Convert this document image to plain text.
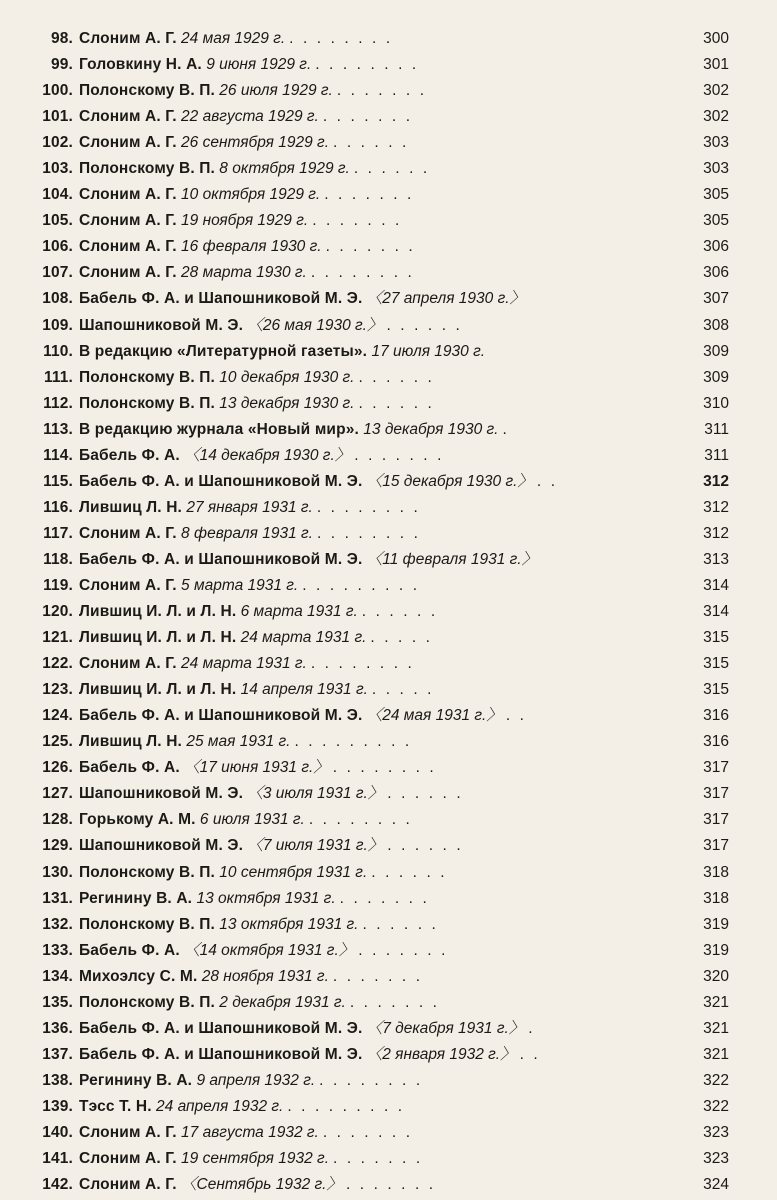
98. Слоним А. Г. 24 мая 1929 г. ........	300
99. Головкину Н. А. 9 июня 1929 г. ........	301
100. Полонскому В. П. 26 июля 1929 г. .......	302
101. Слоним А. Г. 22 августа 1929 г. .......	302
102. Слоним А. Г. 26 сентября 1929 г. ......	303
103. Полонскому В. П. 8 октября 1929 г. ......	303
104. Слоним А. Г. 10 октября 1929 г. .......	305
105. Слоним А. Г. 19 ноября 1929 г. .......	305
106. Слоним А. Г. 16 февраля 1930 г. .......	306
107. Слоним А. Г. 28 марта 1930 г. ........	306
108. Бабель Ф. А. и Шапошниковой М. Э. 〈27 апреля 1930 г.〉	307
109. Шапошниковой М. Э. 〈26 мая 1930 г.〉 ......	308
110. В редакцию «Литературной газеты». 17 июля 1930 г.	309
111. Полонскому В. П. 10 декабря 1930 г. ......	309
112. Полонскому В. П. 13 декабря 1930 г. ......	310
113. В редакцию журнала «Новый мир». 13 декабря 1930 г. .	311
114. Бабель Ф. А. 〈14 декабря 1930 г.〉 .......	311
115. Бабель Ф. А. и Шапошниковой М. Э. 〈15 декабря 1930 г.〉 ..	312
116. Лившиц Л. Н. 27 января 1931 г. ........	312
117. Слоним А. Г. 8 февраля 1931 г. ........	312
118. Бабель Ф. А. и Шапошниковой М. Э. 〈11 февраля 1931 г.〉	313
119. Слоним А. Г. 5 марта 1931 г. .........	314
120. Лившиц И. Л. и Л. Н. 6 марта 1931 г. ......	314
121. Лившиц И. Л. и Л. Н. 24 марта 1931 г. .....	315
122. Слоним А. Г. 24 марта 1931 г. ........	315
123. Лившиц И. Л. и Л. Н. 14 апреля 1931 г. .....	315
124. Бабель Ф. А. и Шапошниковой М. Э. 〈24 мая 1931 г.〉 ..	316
125. Лившиц Л. Н. 25 мая 1931 г. .........	316
126. Бабель Ф. А. 〈17 июня 1931 г.〉 ........	317
127. Шапошниковой М. Э. 〈3 июля 1931 г.〉 ......	317
128. Горькому А. М. 6 июля 1931 г. ........	317
129. Шапошниковой М. Э. 〈7 июля 1931 г.〉 ......	317
130. Полонскому В. П. 10 сентября 1931 г. ......	318
131. Регинину В. А. 13 октября 1931 г. .......	318
132. Полонскому В. П. 13 октября 1931 г. ......	319
133. Бабель Ф. А. 〈14 октября 1931 г.〉 .......	319
134. Михоэлсу С. М. 28 ноября 1931 г. .......	320
135. Полонскому В. П. 2 декабря 1931 г. .......	321
136. Бабель Ф. А. и Шапошниковой М. Э. 〈7 декабря 1931 г.〉 .	321
137. Бабель Ф. А. и Шапошниковой М. Э. 〈2 января 1932 г.〉 ..	321
138. Регинину В. А. 9 апреля 1932 г. ........	322
139. Тэсс Т. Н. 24 апреля 1932 г. .........	322
140. Слоним А. Г. 17 августа 1932 г. .......	323
141. Слоним А. Г. 19 сентября 1932 г. .......	323
142. Слоним А. Г. 〈Сентябрь 1932 г.〉 .......	324
